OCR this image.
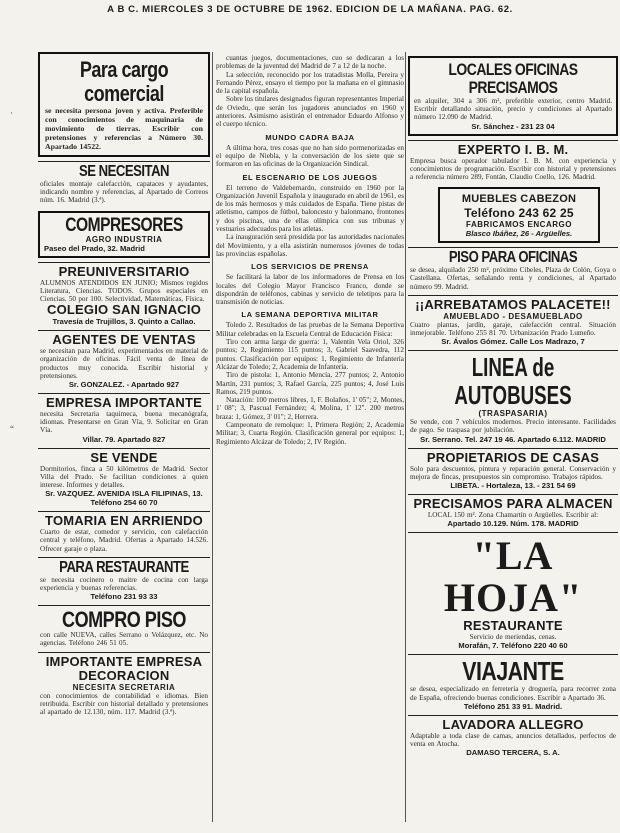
A B C. MIERCOLES 3 DE OCTUBRE DE 1962. EDICION DE LA MAÑANA. PAG. 62.
·
“
Para cargo comercial
se necesita persona joven y activa. Preferible con conocimientos de maquinaria de movimiento de tierras. Escribir con pretensiones y referencias a Número 30. Apartado 14522.
SE NECESITAN
oficiales montaje calefacción, capataces y ayudantes, indicando nombre y referencias, al Apartado de Correos núm. 16. Madrid (3.ª).
COMPRESORES
AGRO INDUSTRIA
Paseo del Prado, 32. Madrid
PREUNIVERSITARIO
ALUMNOS ATENDIDOS EN JUNIO; Mismos regidos Literatura, Ciencias. TODOS. Grupos especiales en Ciencias. 50 por 100. Selectividad, Matemáticas, Física.
COLEGIO SAN IGNACIO
Travesía de Trujillos, 3. Quinto a Callao.
AGENTES DE VENTAS
se necesitan para Madrid, experimentados en material de organización de oficinas. Fácil venta de línea de productos muy conocida. Escribir historial y pretensiones.
Sr. GONZALEZ. - Apartado 927
EMPRESA IMPORTANTE
necesita Secretaria taquimeca, buena mecanógrafa, idiomas. Presentarse en Gran Vía, 9. Solicitar en Gran Vía.
Villar. 79. Apartado 827
SE VENDE
Dormitorios, finca a 50 kilómetros de Madrid. Sector Villa del Prado. Se facilitan condiciones a quien interese. Informes y detalles.
Sr. VAZQUEZ. AVENIDA ISLA FILIPINAS, 13. Teléfono 254 60 70
TOMARIA EN ARRIENDO
Cuarto de estar, comedor y servicio, con calefacción central y teléfono, Madrid. Ofertas a Apartado 14.526. Ofrecer garaje o plaza.
PARA RESTAURANTE
se necesita cocinero o maitre de cocina con larga experiencia y buenas referencias.
Teléfono 231 93 33
COMPRO PISO
con calle NUEVA, calles Serrano o Velázquez, etc. No agencias. Teléfono 246 51 05.
IMPORTANTE EMPRESA DECORACION
NECESITA SECRETARIA
con conocimientos de contabilidad e idiomas. Bien retribuida. Escribir con historial detallado y pretensiones al apartado de 12.130, núm. 117. Madrid (3.ª).

cuantas juegos, documentaciones, cuo se dedicaran a los problemas de la juventud del Madrid de 7 a 12 de la noche.

La selección, reconocido por los tratadistas Molla, Pereira y Fernando Pérez, ensayo el tiempo por la mañana en el gimnasio de la capital española.

Sobre los titulares designados figuran representantes Imperial de Oviedo, que serán los jugadores anunciados en 1960 y anteriores. Asimismo asistirán el entrenador Eduardo Alfonso y el cuerpo técnico.

MUNDO CADRA BAJA

A última hora, tres cosas que no han sido pormenorizadas en el equipo de Niebla, y la conversación de los siete que se formaron en las oficinas de la Organización Sindical.

EL ESCENARIO DE LOS JUEGOS

El terreno de Valdebernardo, construido en 1960 por la Organización Juvenil Española y inaugurado en abril de 1961, es de los más hermosos y más cuidados de España. Tiene pistas de atletismo, campos de fútbol, baloncesto y balonmano, frontones y dos piscinas, una de ellas olímpica con sus tribunas y vestuarios adecuados para los atletas.

La inauguración será presidida por las autoridades nacionales del Movimiento, y a ella asistirán numerosos jóvenes de todas las provincias españolas.

LOS SERVICIOS DE PRENSA

Se facilitará la labor de los informadores de Prensa en los locales del Colegio Mayor Francisco Franco, donde se dispondrán de teléfonos, cabinas y servicio de teletipos para la transmisión de noticias.

LA SEMANA DEPORTIVA MILITAR

Toledo 2. Resultados de las pruebas de la Semana Deportiva Militar celebradas en la Escuela Central de Educación Física:

Tiro con arma larga de guerra: 1, Valentín Vela Oriol, 326 puntos; 2, Regimiento 115 puntos; 3, Gabriel Saavedra, 112 puntos. Clasificación por equipos: 1, Regimiento de Infantería Alcázar de Toledo; 2, Academia de Infantería.

Tiro de pistola: 1, Antonio Mencía, 277 puntos; 2, Antonio Martín, 231 puntos; 3, Rafael García, 225 puntos; 4, José Luis Ramos, 219 puntos.

Natación: 100 metros libres, 1, F. Bolaños, 1' 05"; 2, Montes, 1' 08"; 3, Pascual Fernández; 4, Molina, 1' 12". 200 metros braza: 1, Gómez, 3' 01"; 2, Herrera.

Campeonato de remolque: 1, Primera Región; 2, Academia Militar; 3, Cuarta Región. Clasificación general por equipos: 1, Regimiento Alcázar de Toledo; 2, IV Región.

LOCALES OFICINAS PRECISAMOS
en alquiler, 304 a 306 m², preferible exterior, centro Madrid. Escribir detallando situación, precio y condiciones al Apartado número 12.090 de Madrid.
Sr. Sánchez - 231 23 04
EXPERTO I. B. M.
Empresa busca operador tabulador I. B. M. con experiencia y conocimientos de programación. Escribir con historial y pretensiones a referencia número 289, Fontán, Claudio Coello, 126. Madrid.
MUEBLES CABEZON
Teléfono 243 62 25
FABRICAMOS ENCARGO
Blasco Ibáñez, 26 - Argüelles.
PISO PARA OFICINAS
se desea, alquilado 250 m², próximo Cibeles, Plaza de Colón, Goya o Castellana. Ofertas, señalando renta y condiciones, al Apartado número 99. Madrid.
¡¡ARREBATAMOS PALACETE!!
AMUEBLADO - DESAMUEBLADO
Cuatro plantas, jardín, garaje, calefacción central. Situación inmejorable. Teléfono 255 81 70. Urbanización Prado Lumeño.
Sr. Ávalos Gómez. Calle Los Madrazo, 7
LINEA de AUTOBUSES
(TRASPASARIA)
Se vende, con 7 vehículos modernos. Precio interesante. Facilidades de pago. Se traspasa por jubilación.
Sr. Serrano. Tel. 247 19 46. Apartado 6.112. MADRID
PROPIETARIOS DE CASAS
Solo para descuentos, pintura y reparación general. Conservación y mejora de fincas, presupuestos sin compromiso. Trabajos rápidos.
LIBETA. - Hortaleza, 13. - 231 54 69
PRECISAMOS PARA ALMACEN
LOCAL 150 m². Zona Chamartín o Argüelles. Escribir al:
Apartado 10.129. Núm. 178. MADRID
"LA HOJA"
RESTAURANTE
Servicio de meriendas, cenas.
Morafán, 7. Teléfono 220 40 60
VIAJANTE
se desea, especializado en ferretería y droguería, para recorrer zona de España, ofreciendo buenas condiciones. Escribir a Apartado 36.
Teléfono 251 33 91. Madrid.
LAVADORA ALLEGRO
Adaptable a toda clase de camas, anuncios detallados, perfectos de venta en Atocha.
DAMASO TERCERA, S. A.
